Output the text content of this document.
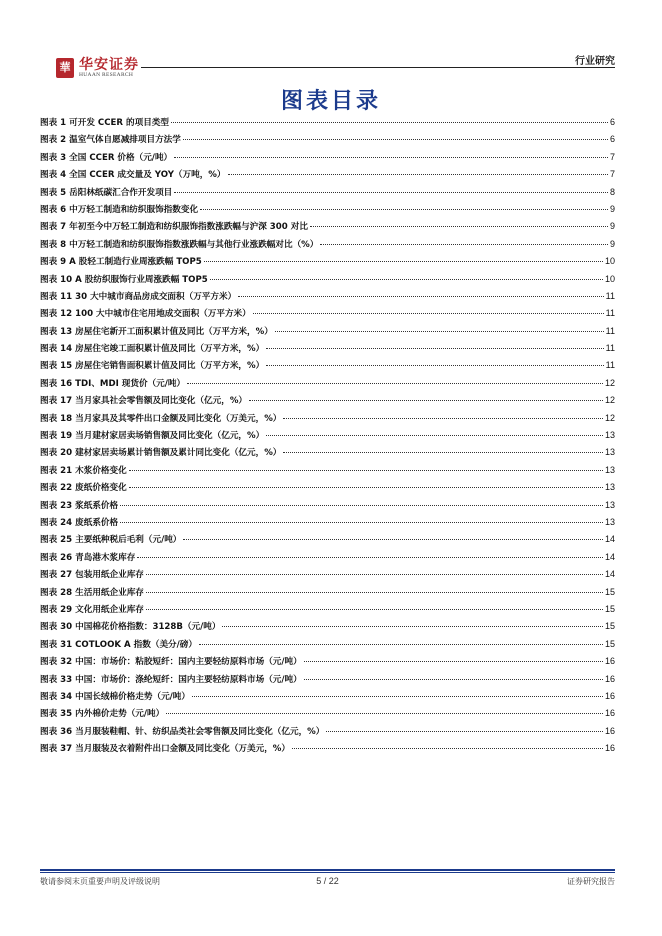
華 华安证券
HUAAN RESEARCH
行业研究
图表目录
图表 1 可开发 CCER 的项目类型	6
图表 2 温室气体自愿减排项目方法学	6
图表 3 全国 CCER 价格（元/吨）	7
图表 4 全国 CCER 成交量及 YOY（万吨，%）	7
图表 5 岳阳林纸碳汇合作开发项目	8
图表 6 中万轻工制造和纺织服饰指数变化	9
图表 7 年初至今中万轻工制造和纺织服饰指数涨跌幅与沪深 300 对比	9
图表 8 中万轻工制造和纺织服饰指数涨跌幅与其他行业涨跌幅对比（%）	9
图表 9 A 股轻工制造行业周涨跌幅 TOP5	10
图表 10 A 股纺织服饰行业周涨跌幅 TOP5	10
图表 11 30 大中城市商品房成交面积（万平方米）	11
图表 12 100 大中城市住宅用地成交面积（万平方米）	11
图表 13 房屋住宅新开工面积累计值及同比（万平方米，%）	11
图表 14 房屋住宅竣工面积累计值及同比（万平方米，%）	11
图表 15 房屋住宅销售面积累计值及同比（万平方米，%）	11
图表 16 TDI、MDI 现货价（元/吨）	12
图表 17 当月家具社会零售额及同比变化（亿元，%）	12
图表 18 当月家具及其零件出口金额及同比变化（万美元，%）	12
图表 19 当月建材家居卖场销售额及同比变化（亿元，%）	13
图表 20 建材家居卖场累计销售额及累计同比变化（亿元，%）	13
图表 21 木浆价格变化	13
图表 22 废纸价格变化	13
图表 23 浆纸系价格	13
图表 24 废纸系价格	13
图表 25 主要纸种税后毛利（元/吨）	14
图表 26 青岛港木浆库存	14
图表 27 包装用纸企业库存	14
图表 28 生活用纸企业库存	15
图表 29 文化用纸企业库存	15
图表 30 中国棉花价格指数：3128B（元/吨）	15
图表 31 COTLOOK A 指数（美分/磅）	15
图表 32 中国：市场价：粘胶短纤：国内主要轻纺原料市场（元/吨）	16
图表 33 中国：市场价：涤纶短纤：国内主要轻纺原料市场（元/吨）	16
图表 34 中国长绒棉价格走势（元/吨）	16
图表 35 内外棉价走势（元/吨）	16
图表 36 当月服装鞋帽、针、纺织品类社会零售额及同比变化（亿元，%）	16
图表 37 当月服装及衣着附件出口金额及同比变化（万美元，%）	16
敬请参阅末页重要声明及评级说明	5 / 22	证券研究报告
